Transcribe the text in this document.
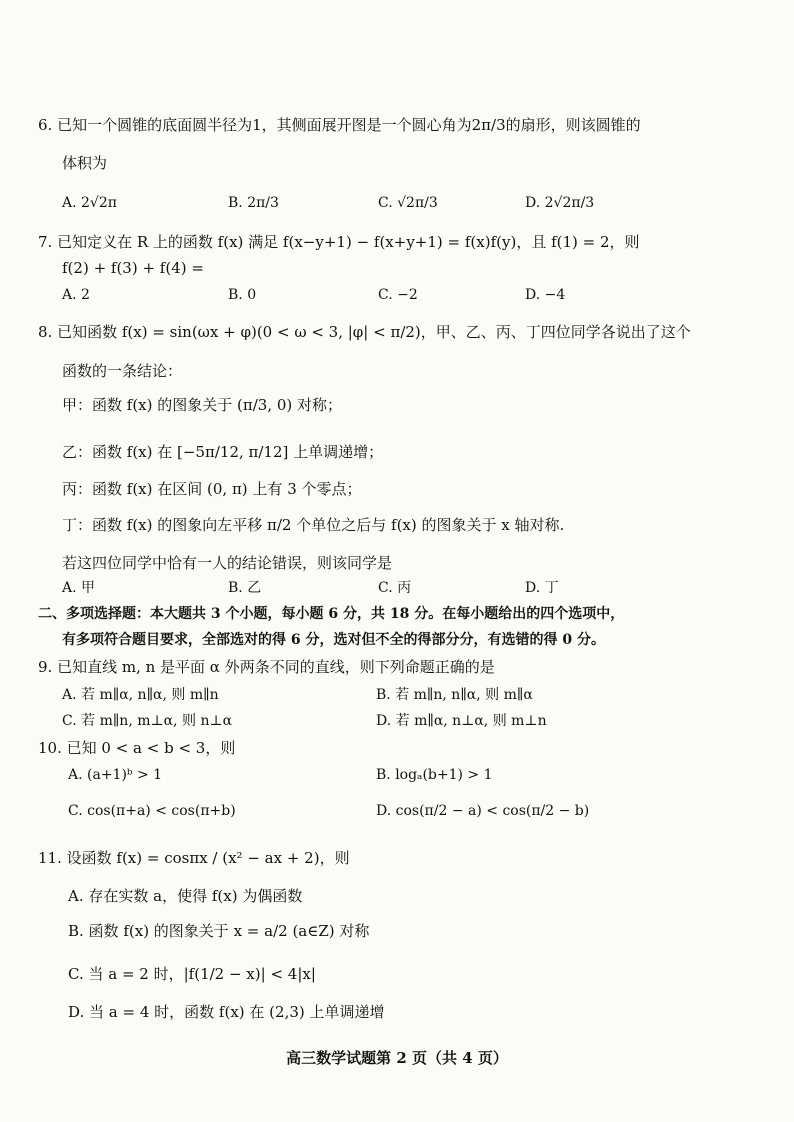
6. 已知一个圆锥的底面圆半径为1，其侧面展开图是一个圆心角为2π/3的扇形，则该圆锥的
体积为
A. 2√2π	B. 2π/3	C. √2π/3	D. 2√2π/3
7. 已知定义在 R 上的函数 f(x) 满足 f(x−y+1) − f(x+y+1) = f(x)f(y)，且 f(1) = 2，则
f(2) + f(3) + f(4) =
A. 2	B. 0	C. −2	D. −4
8. 已知函数 f(x) = sin(ωx + φ)(0 < ω < 3, |φ| < π/2)，甲、乙、丙、丁四位同学各说出了这个
函数的一条结论：
甲：函数 f(x) 的图象关于 (π/3, 0) 对称；
乙：函数 f(x) 在 [−5π/12, π/12] 上单调递增；
丙：函数 f(x) 在区间 (0, π) 上有 3 个零点；
丁：函数 f(x) 的图象向左平移 π/2 个单位之后与 f(x) 的图象关于 x 轴对称.
若这四位同学中恰有一人的结论错误，则该同学是
A. 甲	B. 乙	C. 丙	D. 丁
二、多项选择题：本大题共 3 个小题，每小题 6 分，共 18 分。在每小题给出的四个选项中，
有多项符合题目要求，全部选对的得 6 分，选对但不全的得部分分，有选错的得 0 分。
9. 已知直线 m, n 是平面 α 外两条不同的直线，则下列命题正确的是
A. 若 m∥α, n∥α, 则 m∥n	B. 若 m∥n, n∥α, 则 m∥α
C. 若 m∥n, m⊥α, 则 n⊥α	D. 若 m∥α, n⊥α, 则 m⊥n
10. 已知 0 < a < b < 3，则
A. (a+1)ᵇ > 1	B. logₐ(b+1) > 1
C. cos(π+a) < cos(π+b)	D. cos(π/2 − a) < cos(π/2 − b)
11. 设函数 f(x) = cosπx / (x² − ax + 2)，则
A. 存在实数 a，使得 f(x) 为偶函数
B. 函数 f(x) 的图象关于 x = a/2 (a∈Z) 对称
C. 当 a = 2 时，|f(1/2 − x)| < 4|x|
D. 当 a = 4 时，函数 f(x) 在 (2,3) 上单调递增
高三数学试题第 2 页（共 4 页）
